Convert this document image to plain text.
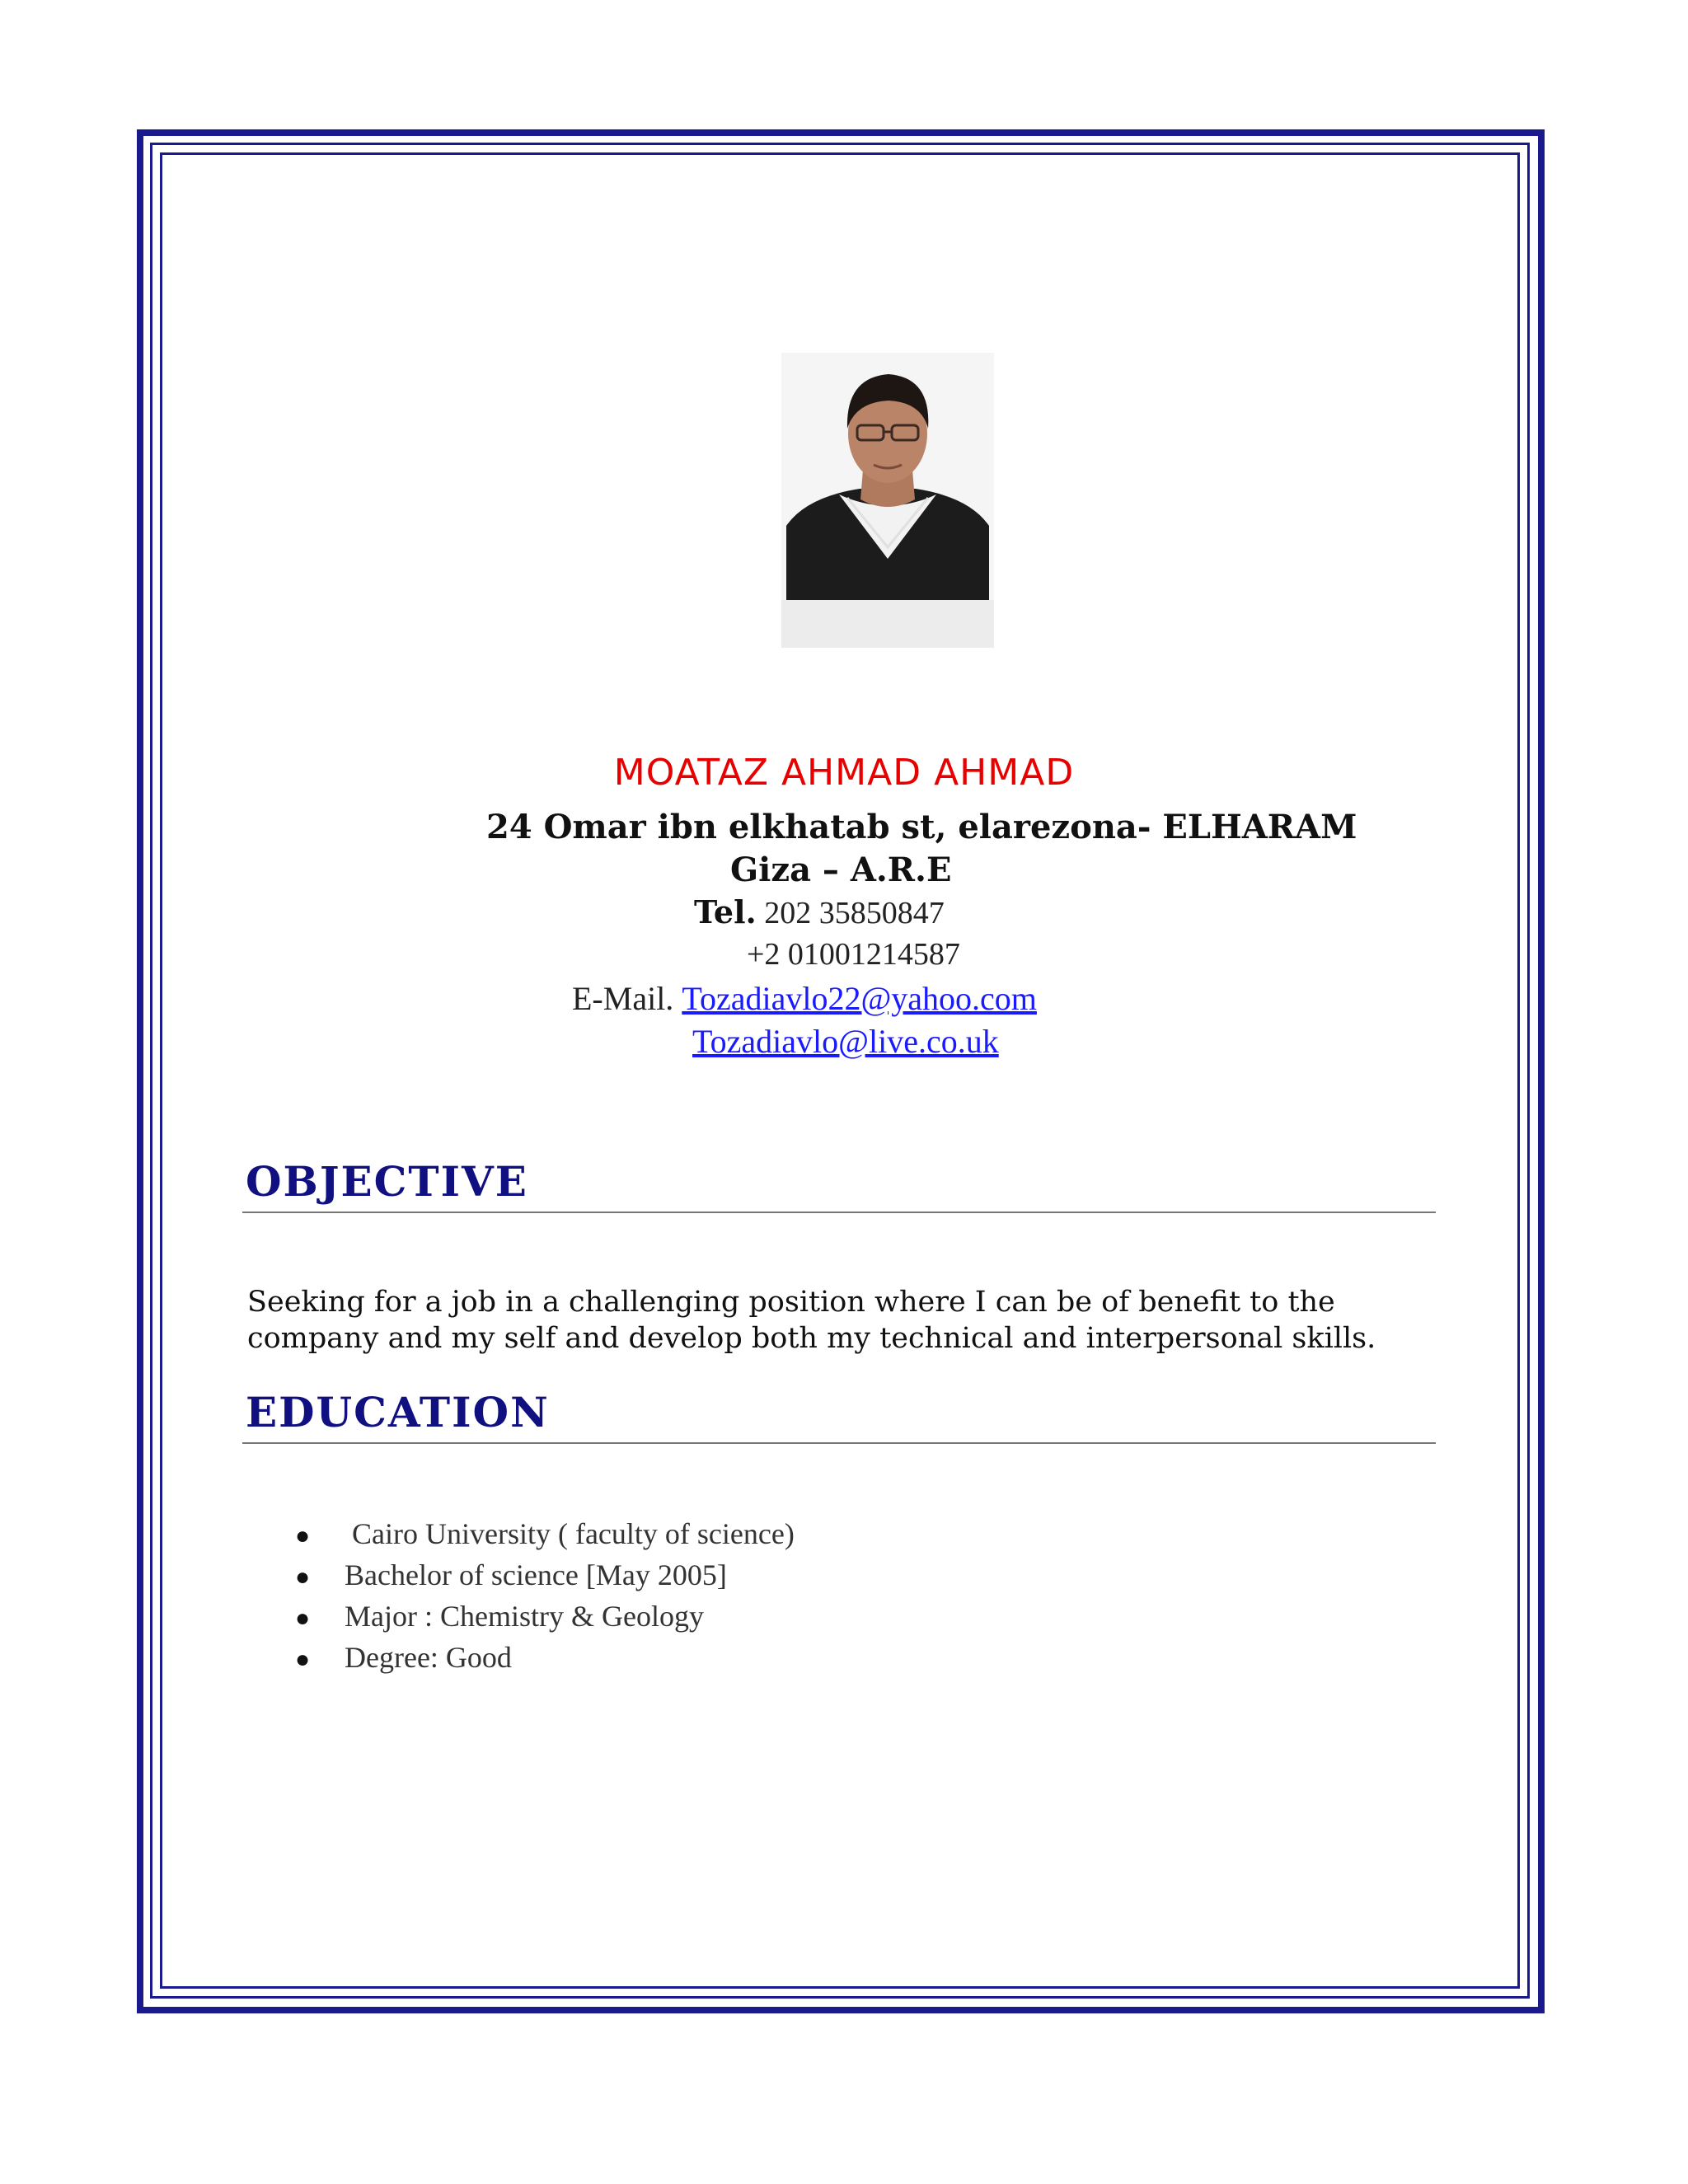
MOATAZ AHMAD AHMAD
24 Omar ibn elkhatab st, elarezona- ELHARAM
Giza – A.R.E
Tel. 202 35850847
+2 01001214587
E-Mail. Tozadiavlo22@yahoo.com
Tozadiavlo@live.co.uk
OBJECTIVE
Seeking for a job in a challenging position where I can be of benefit to the company and my self and develop both my technical and interpersonal skills.
EDUCATION
● Cairo University ( faculty of science)
● Bachelor of science [May 2005]
● Major : Chemistry & Geology
● Degree: Good
